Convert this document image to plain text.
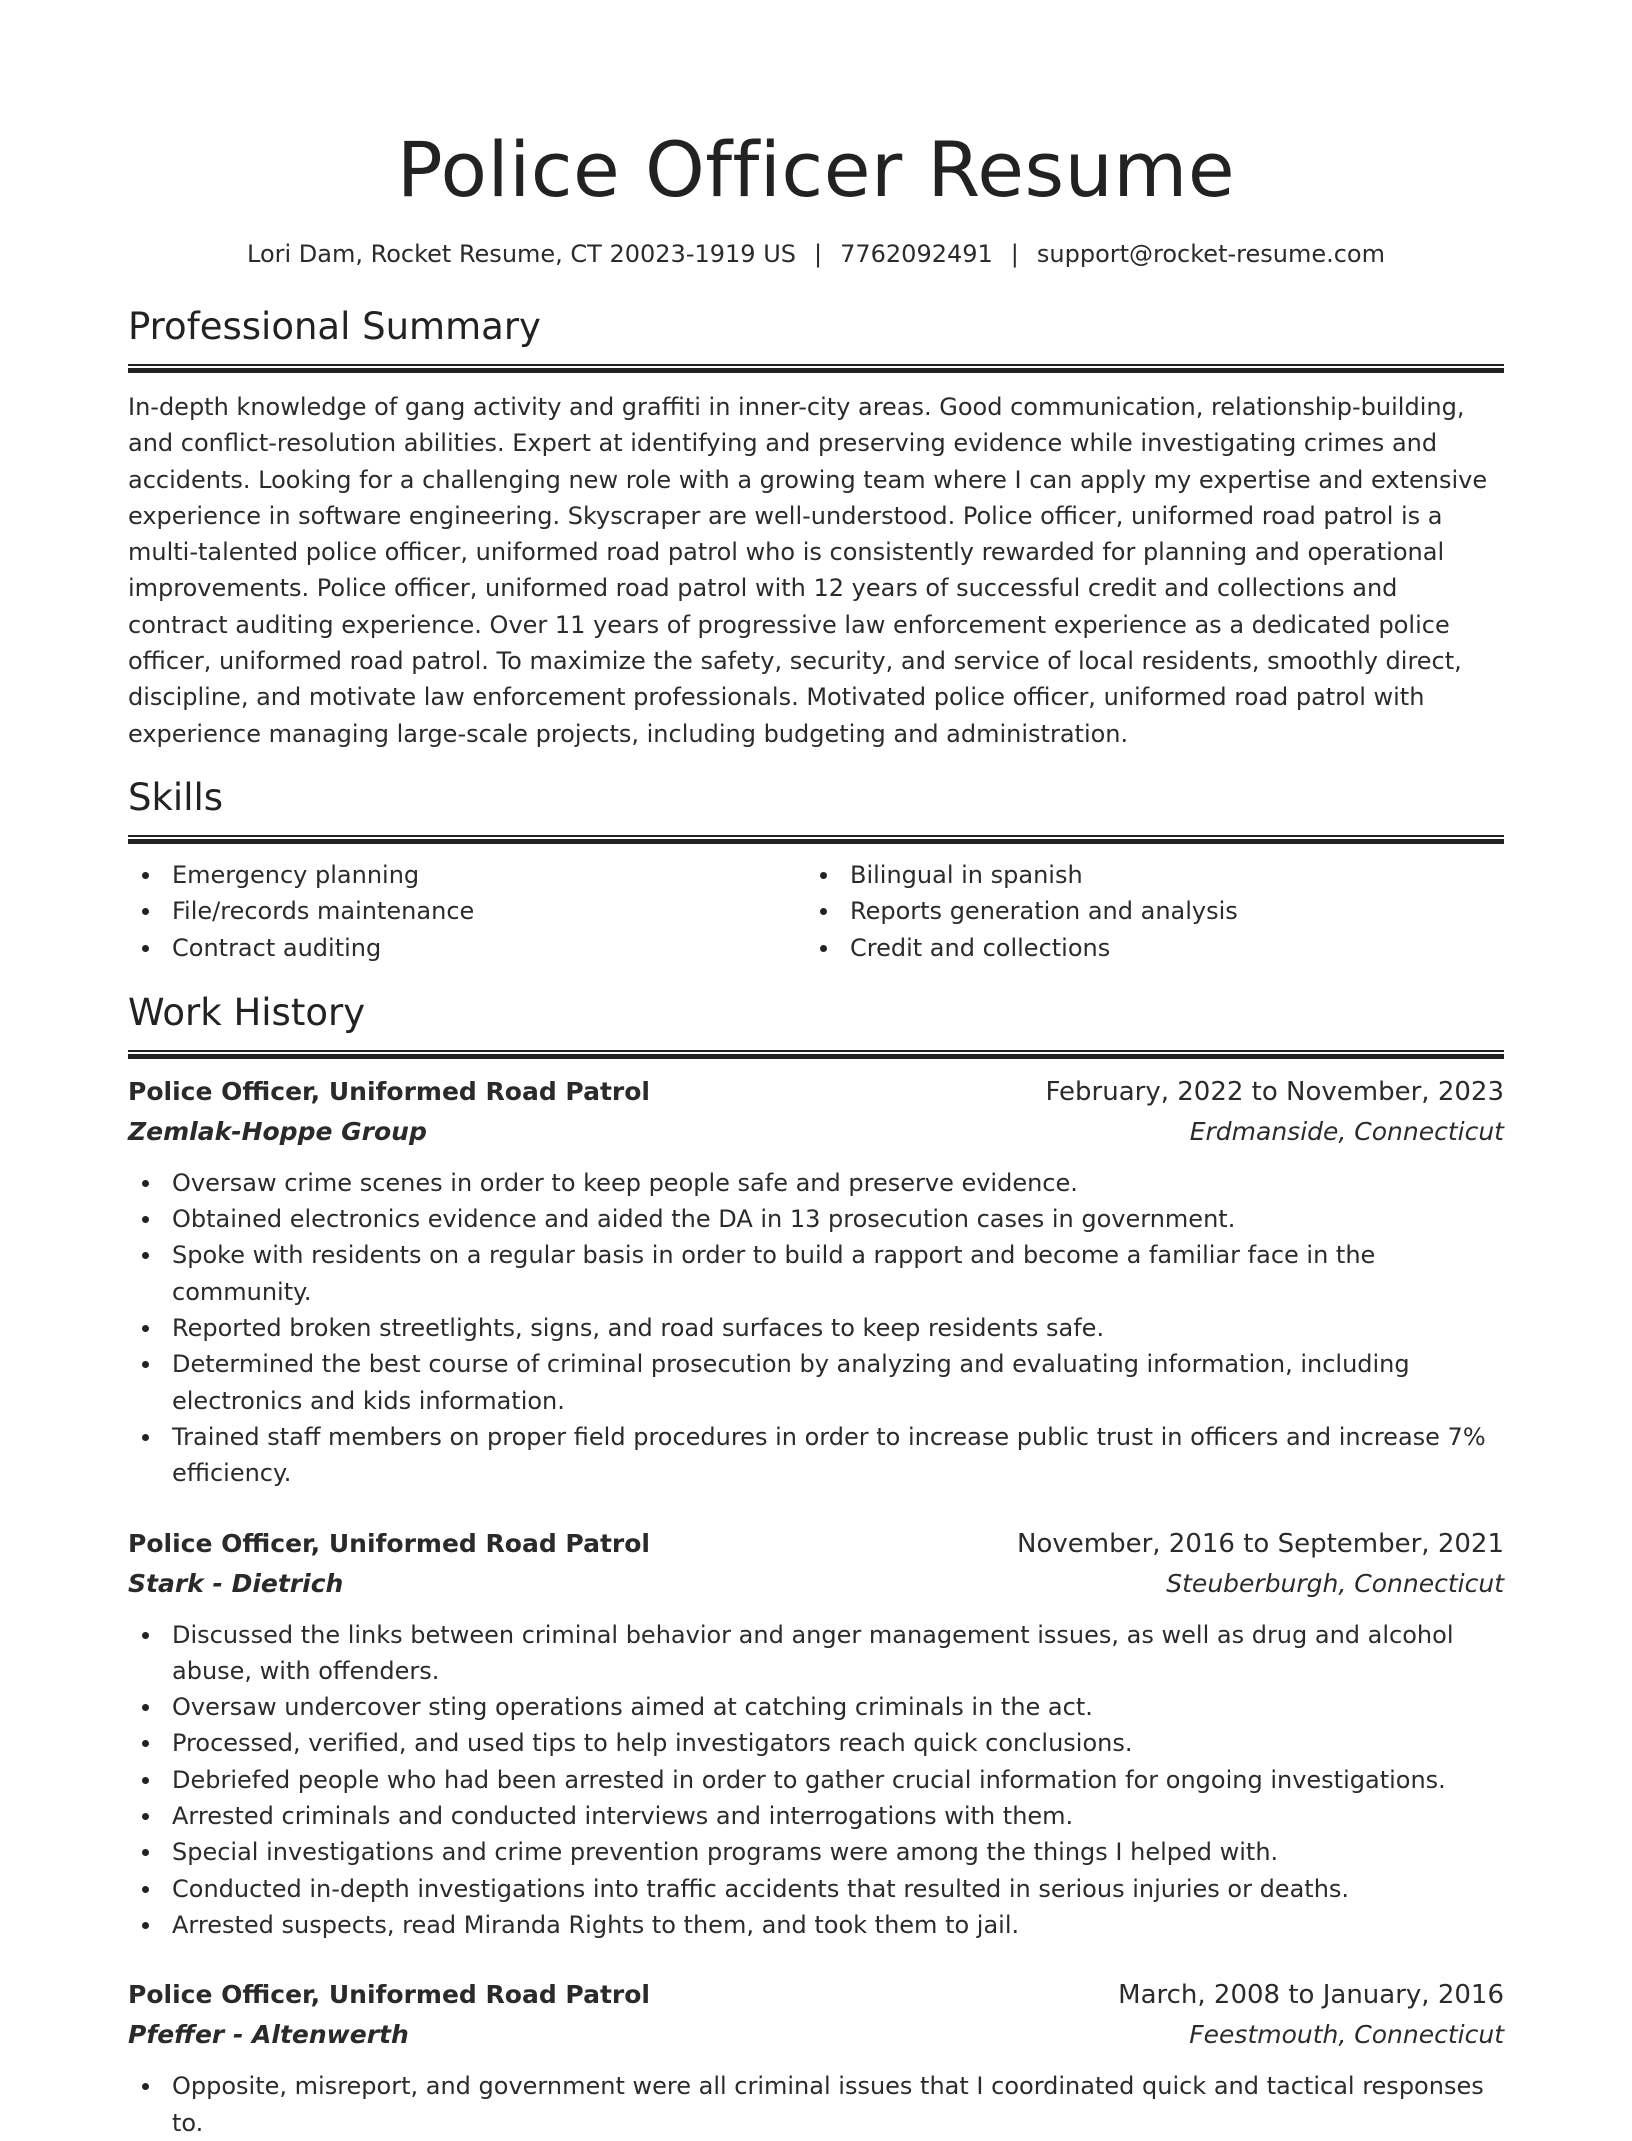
Police Officer Resume
Lori Dam, Rocket Resume, CT 20023-1919 US | 7762092491 | support@rocket-resume.com
Professional Summary

In-depth knowledge of gang activity and graffiti in inner-city areas. Good communication, relationship-building, and conflict-resolution abilities. Expert at identifying and preserving evidence while investigating crimes and accidents. Looking for a challenging new role with a growing team where I can apply my expertise and extensive experience in software engineering. Skyscraper are well-understood. Police officer, uniformed road patrol is a multi-talented police officer, uniformed road patrol who is consistently rewarded for planning and operational improvements. Police officer, uniformed road patrol with 12 years of successful credit and collections and contract auditing experience. Over 11 years of progressive law enforcement experience as a dedicated police officer, uniformed road patrol. To maximize the safety, security, and service of local residents, smoothly direct, discipline, and motivate law enforcement professionals. Motivated police officer, uniformed road patrol with experience managing large-scale projects, including budgeting and administration.

Skills
Emergency planning
File/records maintenance
Contract auditing
Bilingual in spanish
Reports generation and analysis
Credit and collections
Work History
Police Officer, Uniformed Road Patrol	February, 2022 to November, 2023
Zemlak-Hoppe Group	Erdmanside, Connecticut
Oversaw crime scenes in order to keep people safe and preserve evidence.
Obtained electronics evidence and aided the DA in 13 prosecution cases in government.
Spoke with residents on a regular basis in order to build a rapport and become a familiar face in the community.
Reported broken streetlights, signs, and road surfaces to keep residents safe.
Determined the best course of criminal prosecution by analyzing and evaluating information, including electronics and kids information.
Trained staff members on proper field procedures in order to increase public trust in officers and increase 7% efficiency.
Police Officer, Uniformed Road Patrol	November, 2016 to September, 2021
Stark - Dietrich	Steuberburgh, Connecticut
Discussed the links between criminal behavior and anger management issues, as well as drug and alcohol abuse, with offenders.
Oversaw undercover sting operations aimed at catching criminals in the act.
Processed, verified, and used tips to help investigators reach quick conclusions.
Debriefed people who had been arrested in order to gather crucial information for ongoing investigations.
Arrested criminals and conducted interviews and interrogations with them.
Special investigations and crime prevention programs were among the things I helped with.
Conducted in-depth investigations into traffic accidents that resulted in serious injuries or deaths.
Arrested suspects, read Miranda Rights to them, and took them to jail.
Police Officer, Uniformed Road Patrol	March, 2008 to January, 2016
Pfeffer - Altenwerth	Feestmouth, Connecticut
Opposite, misreport, and government were all criminal issues that I coordinated quick and tactical responses to.
